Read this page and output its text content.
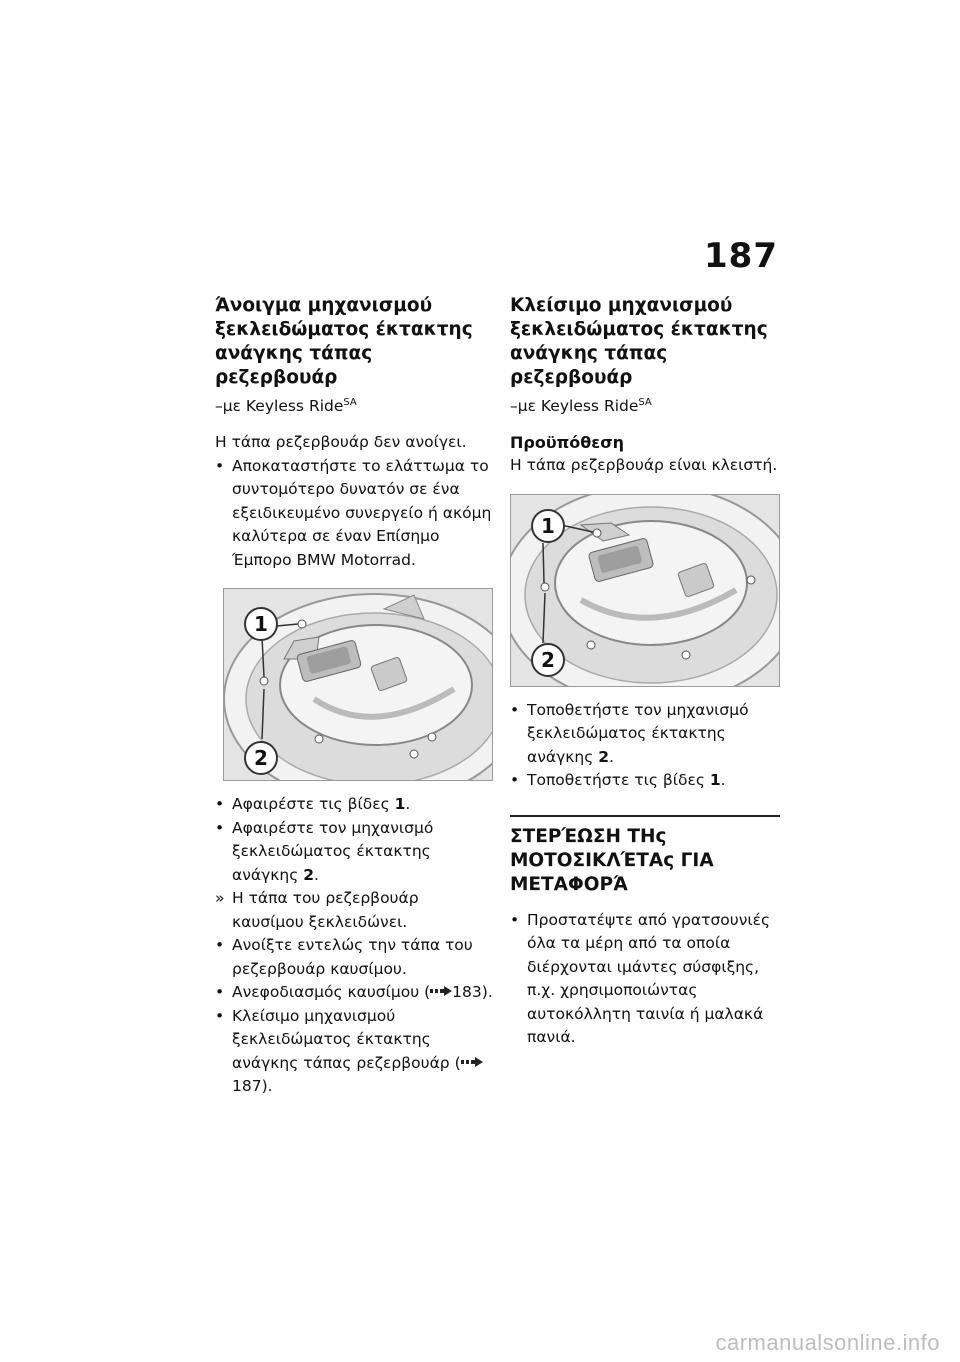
187
Άνοιγμα μηχανισμού ξεκλειδώματος έκτακτης ανάγκης τάπας ρεζερβουάρ
–με Keyless Ride$^{SA}$

Η τάπα ρεζερβουάρ δεν ανοίγει.

• Αποκαταστήστε το ελάττωμα το συντομότερο δυνατόν σε ένα εξειδικευμένο συνεργείο ή ακόμη καλύτερα σε έναν Επίσημο Έμπορο BMW Motorrad.
1
2
• Αφαιρέστε τις βίδες 1.
• Αφαιρέστε τον μηχανισμό ξεκλειδώματος έκτακτης ανάγκης 2.
» Η τάπα του ρεζερβουάρ καυσίμου ξεκλειδώνει.
• Ανοίξτε εντελώς την τάπα του ρεζερβουάρ καυσίμου.
• Ανεφοδιασμός καυσίμου ( 183).
• Κλείσιμο μηχανισμού ξεκλειδώματος έκτακτης ανάγκης τάπας ρεζερβουάρ (187).
Κλείσιμο μηχανισμού ξεκλειδώματος έκτακτης ανάγκης τάπας ρεζερβουάρ
–με Keyless Ride$^{SA}$
Προϋπόθεση

Η τάπα ρεζερβουάρ είναι κλειστή.

1
2
• Τοποθετήστε τον μηχανισμό ξεκλειδώματος έκτακτης ανάγκης 2.
• Τοποθετήστε τις βίδες 1.
ΣΤΕΡΈΩΣΗ ΤΗς ΜΟΤΟΣΙΚΛΈΤΑς ΓΙΑ ΜΕΤΑΦΟΡΆ
• Προστατέψτε από γρατσουνιές όλα τα μέρη από τα οποία διέρχονται ιμάντες σύσφιξης, π.χ. χρησιμοποιώντας αυτοκόλλητη ταινία ή μαλακά πανιά.
carmanualsonline.info
